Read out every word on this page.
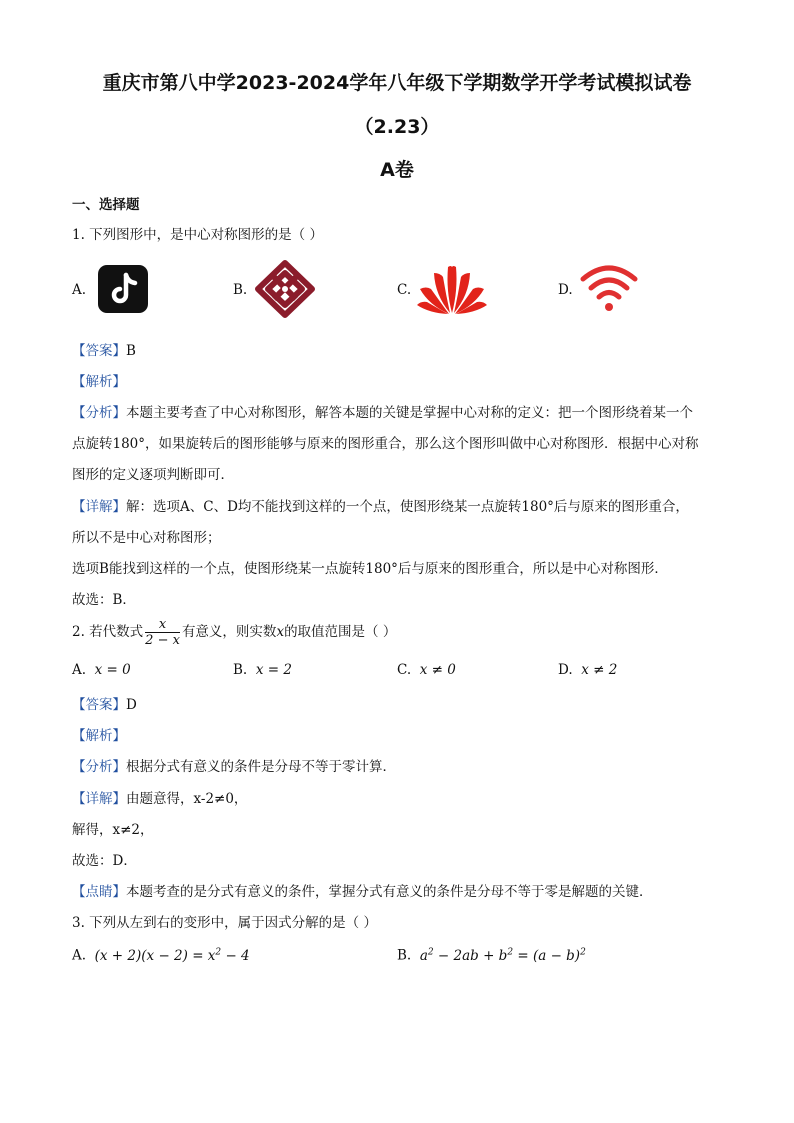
重庆市第八中学2023-2024学年八年级下学期数学开学考试模拟试卷
（2.23）
A卷
一、选择题
1. 下列图形中，是中心对称图形的是（ ）
A.	B.	C.	D.
【答案】B
【解析】
【分析】本题主要考查了中心对称图形，解答本题的关键是掌握中心对称的定义：把一个图形绕着某一个
点旋转180°，如果旋转后的图形能够与原来的图形重合，那么这个图形叫做中心对称图形．根据中心对称
图形的定义逐项判断即可．
【详解】解：选项A、C、D均不能找到这样的一个点，使图形绕某一点旋转180°后与原来的图形重合，
所以不是中心对称图形；
选项B能找到这样的一个点，使图形绕某一点旋转180°后与原来的图形重合，所以是中心对称图形．
故选：B．
2. 若代数式 $\frac{x}{2 - x}$ 有意义，则实数x的取值范围是（ ）
A. x = 0	B. x = 2	C. x ≠ 0	D. x ≠ 2
【答案】D
【解析】
【分析】根据分式有意义的条件是分母不等于零计算．
【详解】由题意得，x-2≠0，
解得，x≠2，
故选：D．
【点睛】本题考查的是分式有意义的条件，掌握分式有意义的条件是分母不等于零是解题的关键．
3. 下列从左到右的变形中，属于因式分解的是（ ）
A. $(x + 2)(x - 2) = x^2 - 4$	B. $a^2 - 2ab + b^2 = (a - b)^2$
